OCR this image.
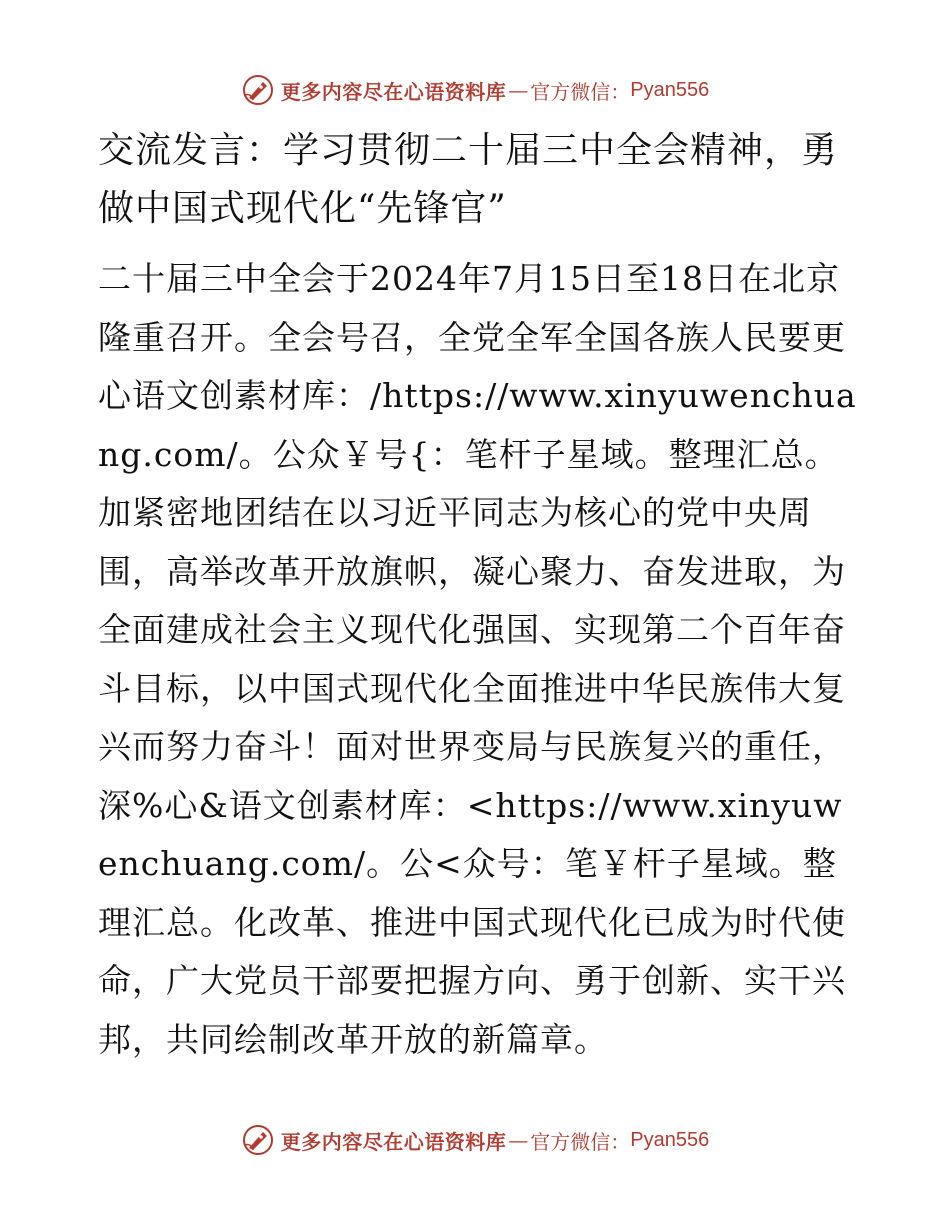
更多内容尽在心语资料库 — 官方微信： Pyan556
交流发言：学习贯彻二十届三中全会精神，勇做中国式现代化“先锋官”

二十届三中全会于2024年7月15日至18日在北京隆重召开。全会号召，全党全军全国各族人民要更心语文创素材库：/https://www.xinyuwenchuang.com/。公众￥号{：笔杆子星域。整理汇总。加紧密地团结在以习近平同志为核心的党中央周围，高举改革开放旗帜，凝心聚力、奋发进取，为全面建成社会主义现代化强国、实现第二个百年奋斗目标，以中国式现代化全面推进中华民族伟大复兴而努力奋斗！面对世界变局与民族复兴的重任，深%心&语文创素材库：<https://www.xinyuwenchuang.com/。公<众号：笔￥杆子星域。整理汇总。化改革、推进中国式现代化已成为时代使命，广大党员干部要把握方向、勇于创新、实干兴邦，共同绘制改革开放的新篇章。

更多内容尽在心语资料库 — 官方微信： Pyan556
